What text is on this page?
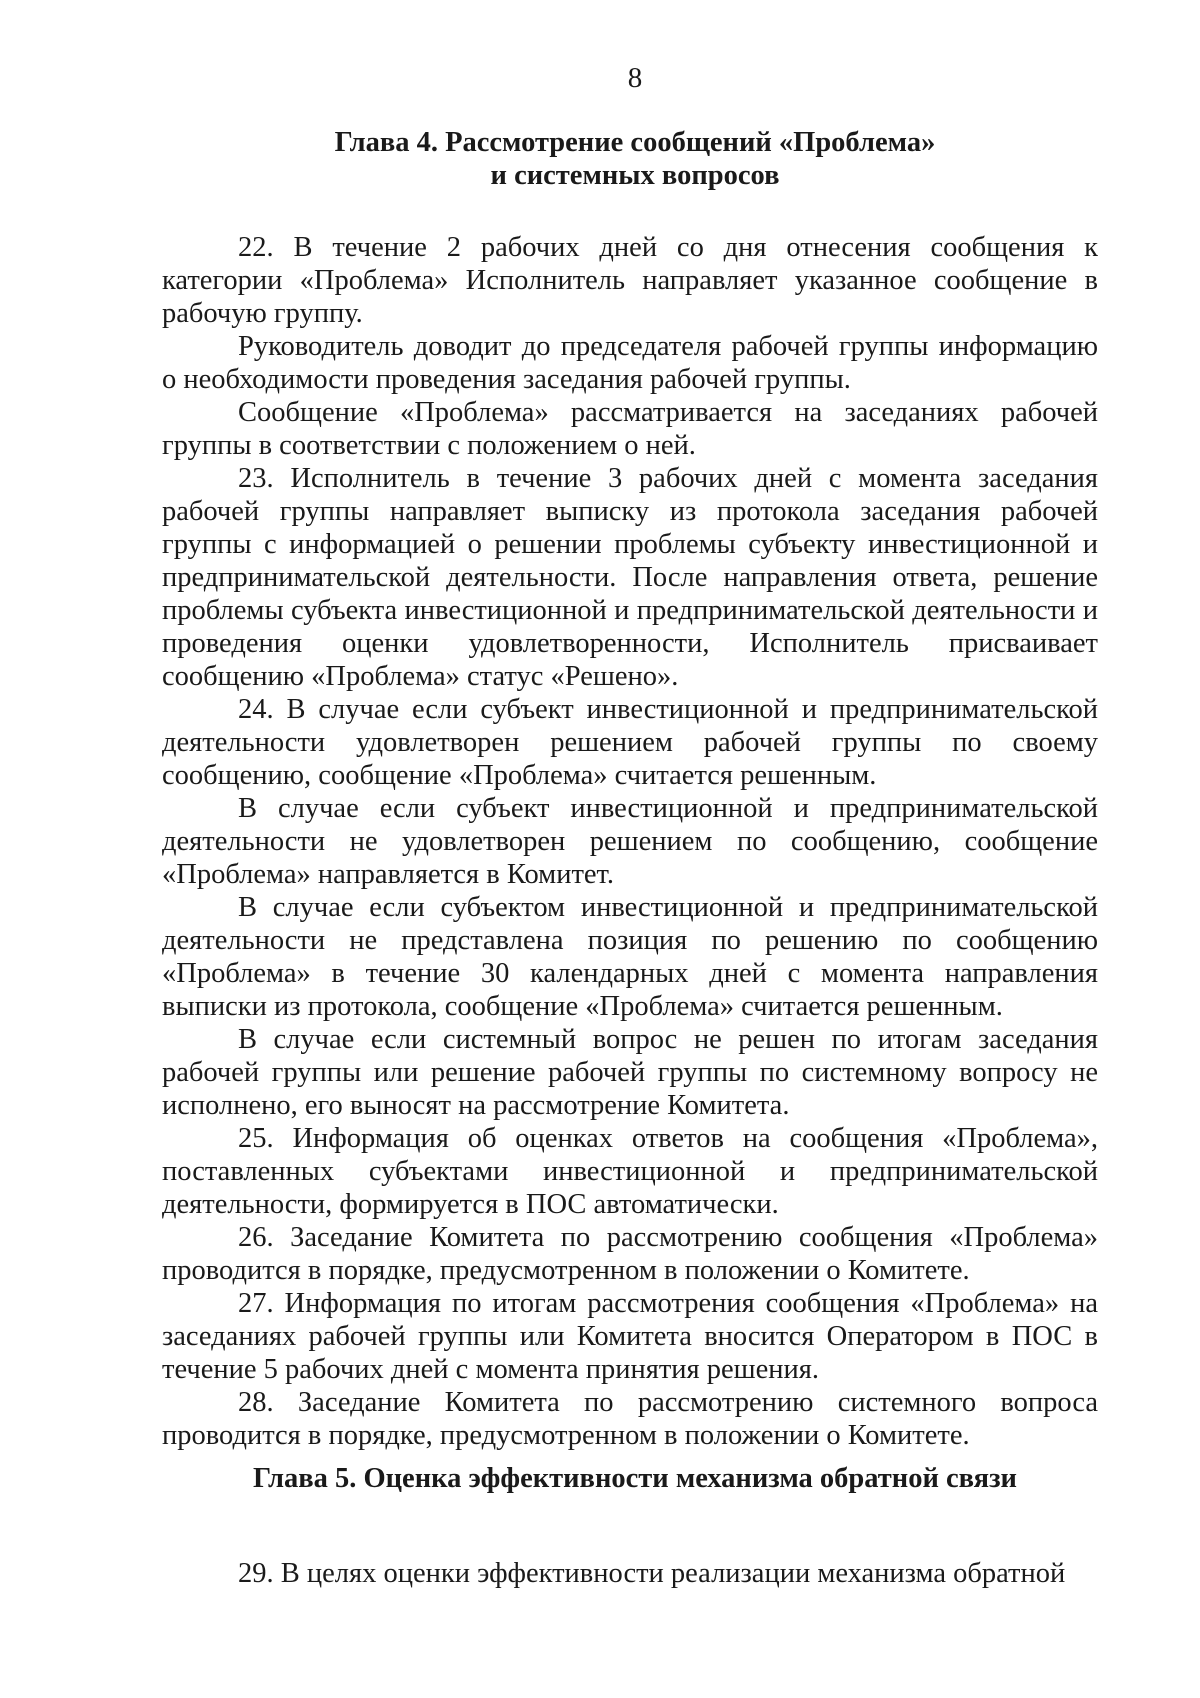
8
Глава 4. Рассмотрение сообщений «Проблема»
и системных вопросов

22. В течение 2 рабочих дней со дня отнесения сообщения к категории «Проблема» Исполнитель направляет указанное сообщение в рабочую группу.

Руководитель доводит до председателя рабочей группы информацию о необходимости проведения заседания рабочей группы.

Сообщение «Проблема» рассматривается на заседаниях рабочей группы в соответствии с положением о ней.

23. Исполнитель в течение 3 рабочих дней с момента заседания рабочей группы направляет выписку из протокола заседания рабочей группы с информацией о решении проблемы субъекту инвестиционной и предпринимательской деятельности. После направления ответа, решение проблемы субъекта инвестиционной и предпринимательской деятельности и проведения оценки удовлетворенности, Исполнитель присваивает сообщению «Проблема» статус «Решено».

24. В случае если субъект инвестиционной и предпринимательской деятельности удовлетворен решением рабочей группы по своему сообщению, сообщение «Проблема» считается решенным.

В случае если субъект инвестиционной и предпринимательской деятельности не удовлетворен решением по сообщению, сообщение «Проблема» направляется в Комитет.

В случае если субъектом инвестиционной и предпринимательской деятельности не представлена позиция по решению по сообщению «Проблема» в течение 30 календарных дней с момента направления выписки из протокола, сообщение «Проблема» считается решенным.

В случае если системный вопрос не решен по итогам заседания рабочей группы или решение рабочей группы по системному вопросу не исполнено, его выносят на рассмотрение Комитета.

25. Информация об оценках ответов на сообщения «Проблема», поставленных субъектами инвестиционной и предпринимательской деятельности, формируется в ПОС автоматически.

26. Заседание Комитета по рассмотрению сообщения «Проблема» проводится в порядке, предусмотренном в положении о Комитете.

27. Информация по итогам рассмотрения сообщения «Проблема» на заседаниях рабочей группы или Комитета вносится Оператором в ПОС в течение 5 рабочих дней с момента принятия решения.

28. Заседание Комитета по рассмотрению системного вопроса проводится в порядке, предусмотренном в положении о Комитете.

Глава 5. Оценка эффективности механизма обратной связи

29. В целях оценки эффективности реализации механизма обратной
